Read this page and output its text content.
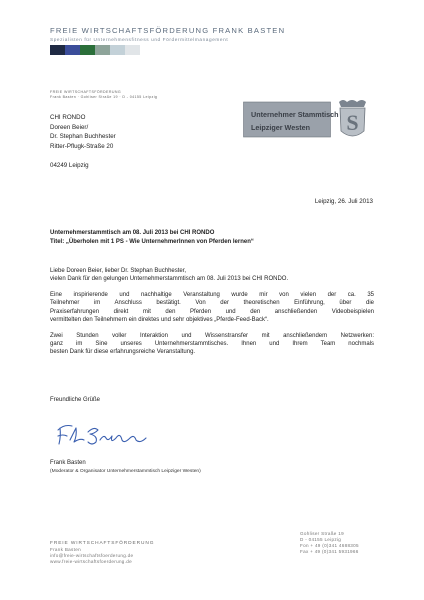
FREIE WIRTSCHAFTSFÖRDERUNG FRANK BASTEN
Spezialisten für Unternehmensfitness und Fördermittelmanagement
FREIE WIRTSCHAFTSFÖRDERUNG
Frank Basten · Gohliser Straße 19 · D - 04155 Leipzig
CHI RONDO
Doreen Beier/
Dr. Stephan Buchhester
Ritter-Pflugk-Straße 20
04249 Leipzig
Unternehmer Stammtisch
Leipziger Westen S
Leipzig, 26. Juli 2013
Unternehmerstammtisch am 08. Juli 2013 bei CHI RONDO
Titel: „Überholen mit 1 PS - Wie UnternehmerInnen von Pferden lernen“

Liebe Doreen Beier, lieber Dr. Stephan Buchhester,
vielen Dank für den gelungen Unternehmerstammtisch am 08. Juli 2013 bei CHI RONDO.

Eine inspirierende und nachhaltige Veranstaltung wurde mir von vielen der ca. 35
Teilnehmer im Anschluss bestätigt. Von der theoretischen Einführung, über die
Praxiserfahrungen direkt mit den Pferden und den anschließenden Videobeispielen
vermittelten den Teilnehmern ein direktes und sehr objektives „Pferde-Feed-Back“.

Zwei Stunden voller Interaktion und Wissenstransfer mit anschließendem Netzwerken:
ganz im Sine unseres Unternehmerstammtisches. Ihnen und Ihrem Team nochmals
besten Dank für diese erfahrungsreiche Veranstaltung.

Freundliche Grüße
Frank Basten
(Moderator & Organisator Unternehmerstammtisch Leipziger Westen)
FREIE WIRTSCHAFTSFÖRDERUNG
Frank Basten
info@freie-wirtschaftsfoerderung.de
www.freie-wirtschaftsfoerderung.de
Gohliser Straße 19
D - 04155 Leipzig
Fon + 49 (0)341 4688305
Fax + 49 (0)341 5931966
